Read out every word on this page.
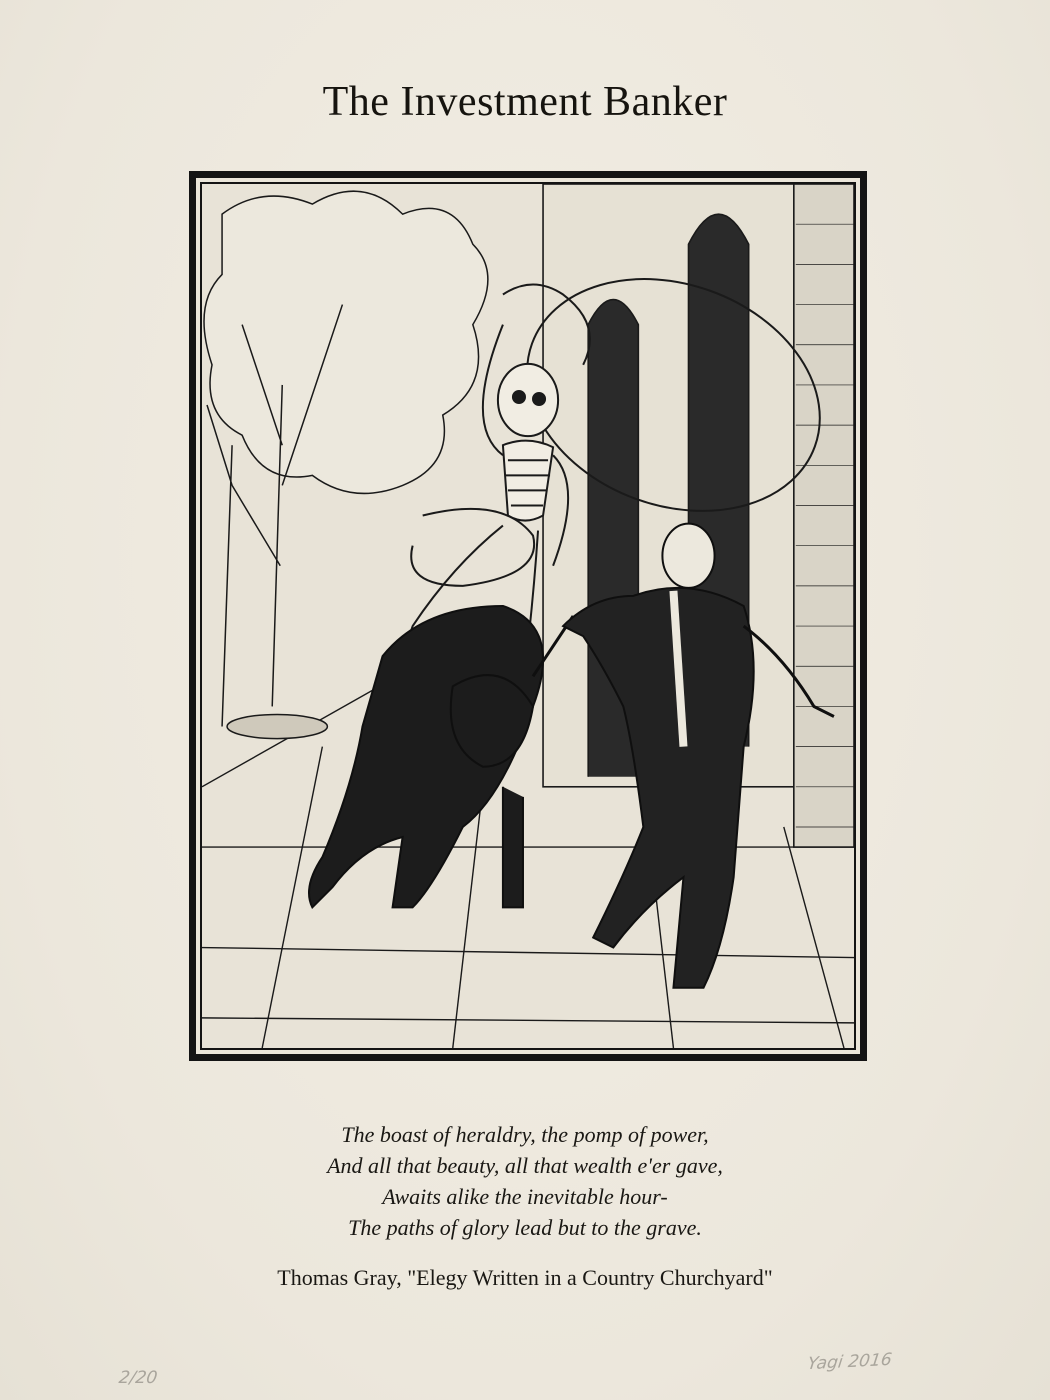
The Investment Banker
The boast of heraldry, the pomp of power,
And all that beauty, all that wealth e'er gave,
Awaits alike the inevitable hour-
The paths of glory lead but to the grave.
Thomas Gray, "Elegy Written in a Country Churchyard"
2/20
Yagi 2016
